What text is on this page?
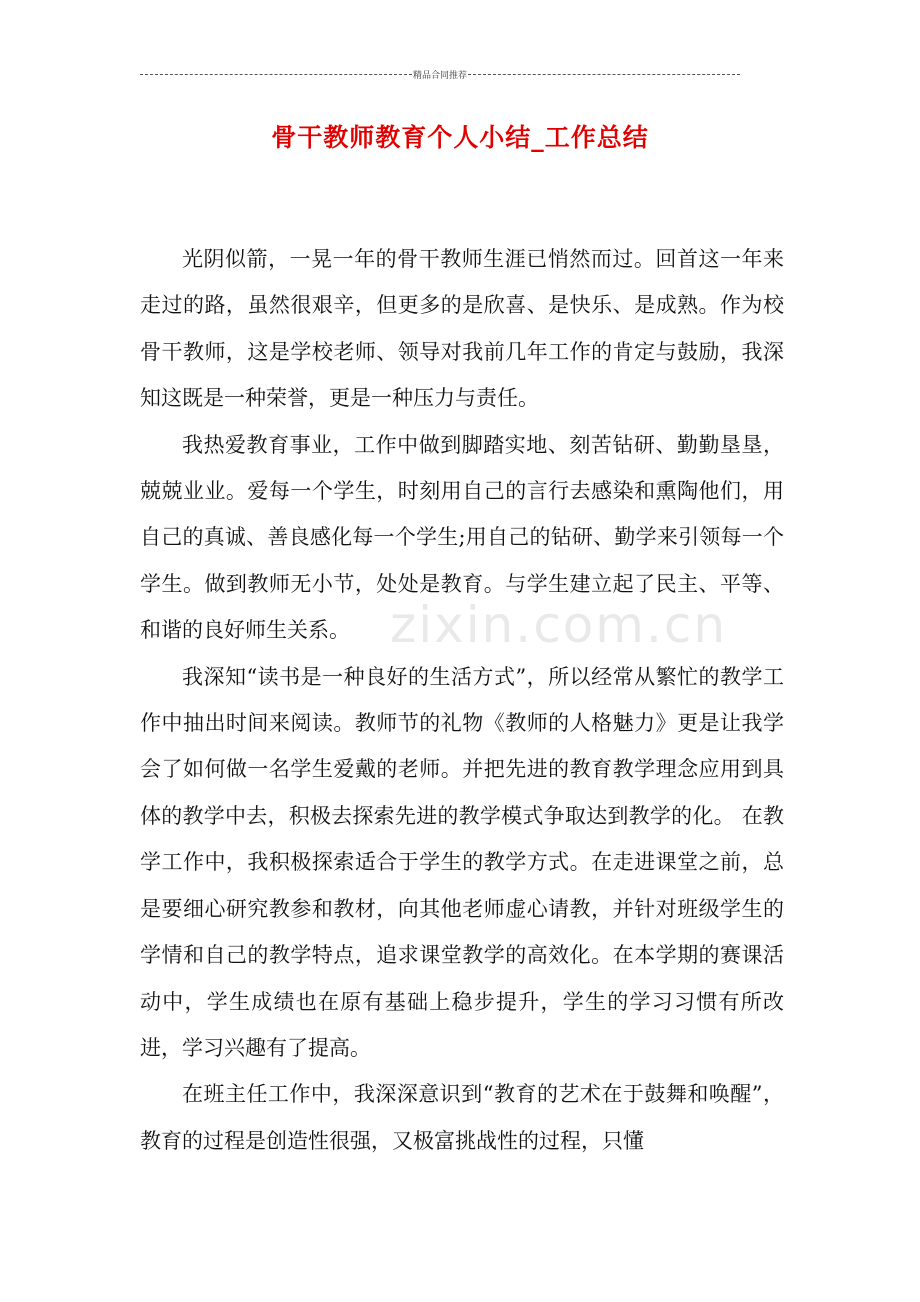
精品合同推荐
骨干教师教育个人小结_工作总结
zixin.com.cn

光阴似箭，一晃一年的骨干教师生涯已悄然而过。回首这一年来走过的路，虽然很艰辛，但更多的是欣喜、是快乐、是成熟。作为校骨干教师，这是学校老师、领导对我前几年工作的肯定与鼓励，我深知这既是一种荣誉，更是一种压力与责任。

我热爱教育事业，工作中做到脚踏实地、刻苦钻研、勤勤垦垦，兢兢业业。爱每一个学生，时刻用自己的言行去感染和熏陶他们，用自己的真诚、善良感化每一个学生;用自己的钻研、勤学来引领每一个学生。做到教师无小节，处处是教育。与学生建立起了民主、平等、和谐的良好师生关系。

我深知“读书是一种良好的生活方式”，所以经常从繁忙的教学工作中抽出时间来阅读。教师节的礼物《教师的人格魅力》更是让我学会了如何做一名学生爱戴的老师。并把先进的教育教学理念应用到具体的教学中去，积极去探索先进的教学模式争取达到教学的化。 在教学工作中，我积极探索适合于学生的教学方式。在走进课堂之前，总是要细心研究教参和教材，向其他老师虚心请教，并针对班级学生的学情和自己的教学特点，追求课堂教学的高效化。在本学期的赛课活动中，学生成绩也在原有基础上稳步提升，学生的学习习惯有所改进，学习兴趣有了提高。

在班主任工作中，我深深意识到“教育的艺术在于鼓舞和唤醒”，教育的过程是创造性很强，又极富挑战性的过程，只懂
